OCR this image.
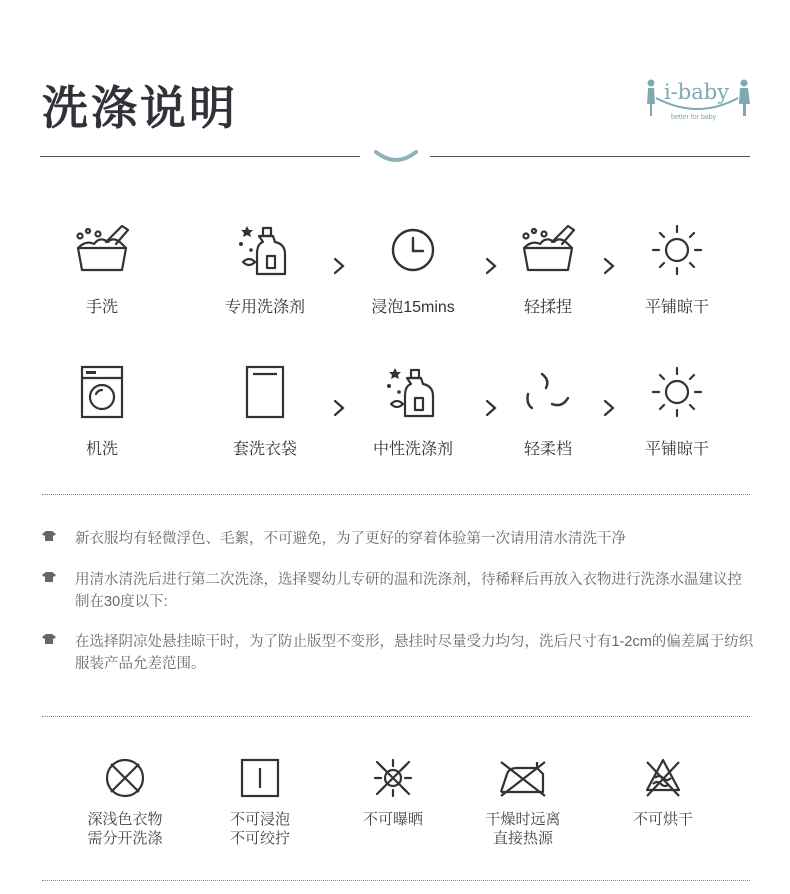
洗涤说明	i-baby
better for baby
手洗	专用洗涤剂	浸泡15mins	轻揉捏	平铺晾干
机洗	套洗衣袋	中性洗涤剂	轻柔档	平铺晾干
新衣服均有轻微浮色、毛絮，不可避免，为了更好的穿着体验第一次请用清水清洗干净
用清水清洗后进行第二次洗涤，选择婴幼儿专研的温和洗涤剂，待稀释后再放入衣物进行洗涤水温建议控制在30度以下:
在选择阴凉处悬挂晾干时，为了防止版型不变形，悬挂时尽量受力均匀，洗后尺寸有1-2cm的偏差属于纺织服装产品允差范围。
深浅色衣物需分开洗涤
不可浸泡不可绞拧
不可曝晒	干燥时远离直接热源
不可烘干
